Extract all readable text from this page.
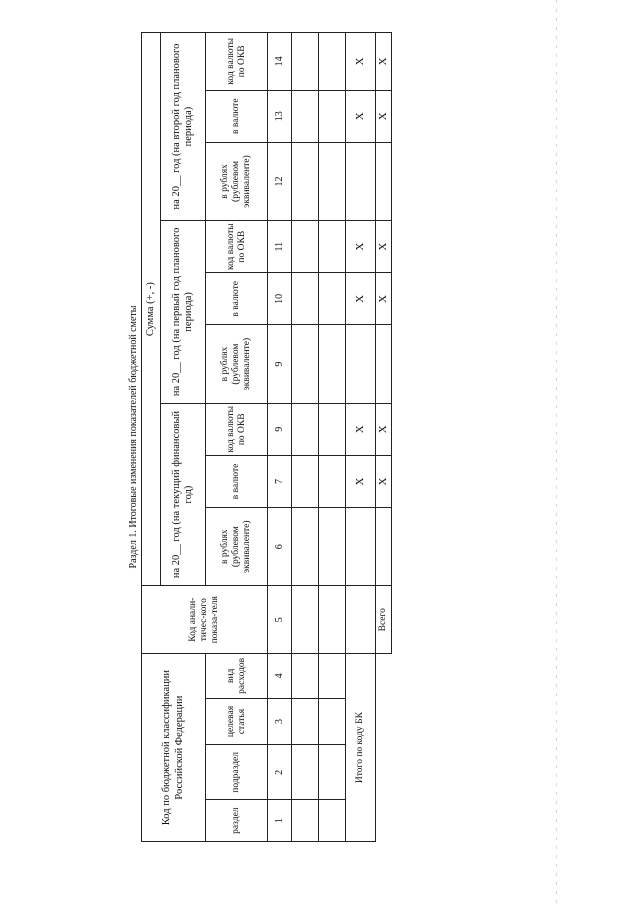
Раздел 1. Итоговые изменения показателей бюджетной сметы
Код по бюджетной классификации Российской Федерации				Код анали-тичес-кого показа-теля	Сумма (+, -)								
					на 20__ год (на текущий финансовый год)			на 20__ год (на первый год планового периода)			на 20__ год (на второй год планового периода)		
раздел	подраздел	целевая статья	вид расходов		в рублях (рублевом эквиваленте)	в валюте	код валюты по ОКВ	в рублях (рублевом эквиваленте)	в валюте	код валюты по ОКВ	в рублях (рублевом эквиваленте)	в валюте	код валюты по ОКВ
1	2	3	4	5	6	7	9	9	10	11	12	13	14

Итого по коду БК						X	X		X	X		X	X
				Всего		X	X		X	X		X	X
